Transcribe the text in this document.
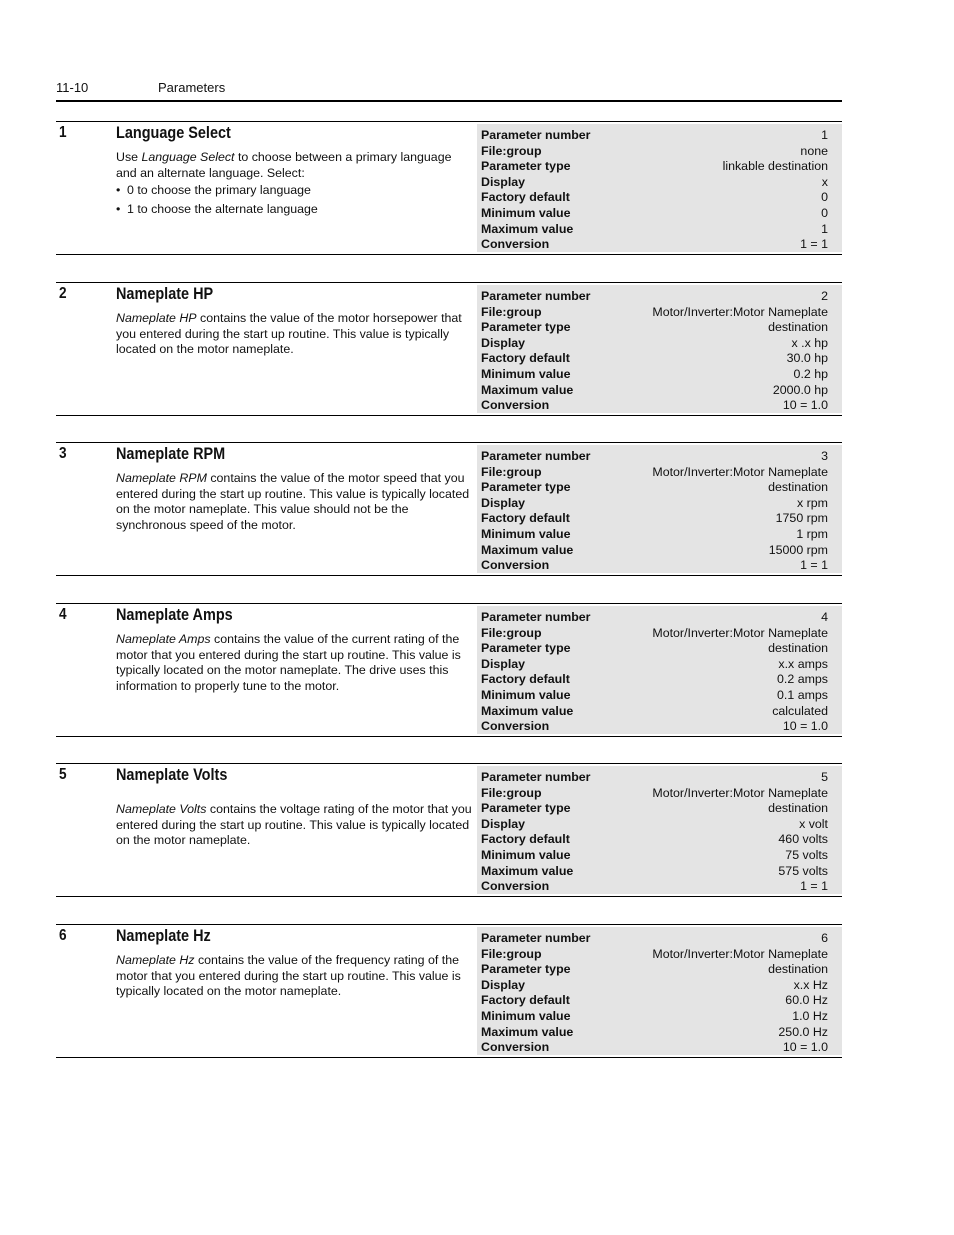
11-10	Parameters
1	Language Select

Use Language Select to choose between a primary language and an alternate language. Select:

• 0 to choose the primary language
• 1 to choose the alternate language
Parameter number	1
File:group	none
Parameter type	linkable destination
Display	x
Factory default	0
Minimum value	0
Maximum value	1
Conversion	1 = 1
2	Nameplate HP

Nameplate HP contains the value of the motor horsepower that you entered during the start up routine. This value is typically located on the motor nameplate.

Parameter number	2
File:group	Motor/Inverter:Motor Nameplate
Parameter type	destination
Display	x .x hp
Factory default	30.0 hp
Minimum value	0.2 hp
Maximum value	2000.0 hp
Conversion	10 = 1.0
3	Nameplate RPM

Nameplate RPM contains the value of the motor speed that you entered during the start up routine. This value is typically located on the motor nameplate. This value should not be the synchronous speed of the motor.

Parameter number	3
File:group	Motor/Inverter:Motor Nameplate
Parameter type	destination
Display	x rpm
Factory default	1750 rpm
Minimum value	1 rpm
Maximum value	15000 rpm
Conversion	1 = 1
4	Nameplate Amps

Nameplate Amps contains the value of the current rating of the motor that you entered during the start up routine. This value is typically located on the motor nameplate. The drive uses this information to properly tune to the motor.

Parameter number	4
File:group	Motor/Inverter:Motor Nameplate
Parameter type	destination
Display	x.x amps
Factory default	0.2 amps
Minimum value	0.1 amps
Maximum value	calculated
Conversion	10 = 1.0
5	Nameplate Volts

Nameplate Volts contains the voltage rating of the motor that you entered during the start up routine. This value is typically located on the motor nameplate.

Parameter number	5
File:group	Motor/Inverter:Motor Nameplate
Parameter type	destination
Display	x volt
Factory default	460 volts
Minimum value	75 volts
Maximum value	575 volts
Conversion	1 = 1
6	Nameplate Hz

Nameplate Hz contains the value of the frequency rating of the motor that you entered during the start up routine. This value is typically located on the motor nameplate.

Parameter number	6
File:group	Motor/Inverter:Motor Nameplate
Parameter type	destination
Display	x.x Hz
Factory default	60.0 Hz
Minimum value	1.0 Hz
Maximum value	250.0 Hz
Conversion	10 = 1.0
